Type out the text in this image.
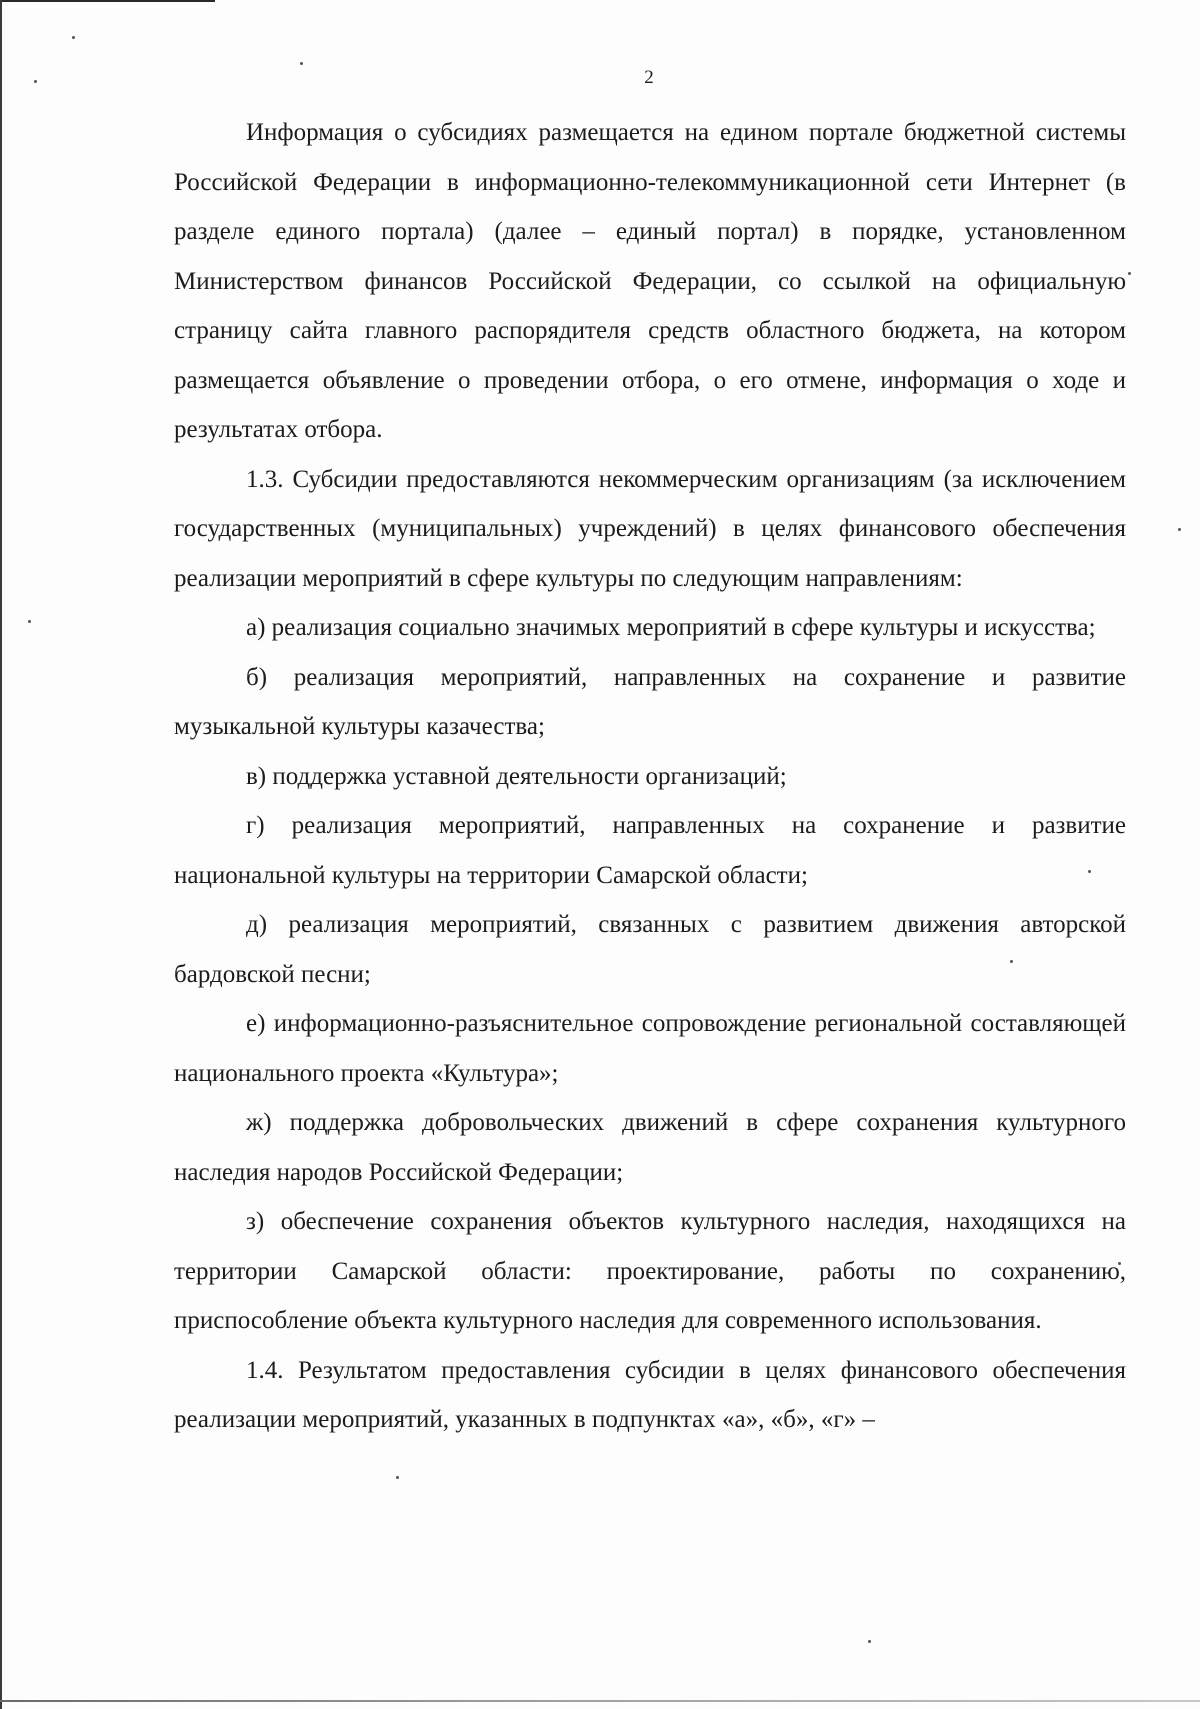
2

Информация о субсидиях размещается на едином портале бюджетной системы Российской Федерации в информационно-телекоммуникационной сети Интернет (в разделе единого портала) (далее – единый портал) в порядке, установленном Министерством финансов Российской Федерации, со ссылкой на официальную страницу сайта главного распорядителя средств областного бюджета, на котором размещается объявление о проведении отбора, о его отмене, информация о ходе и результатах отбора.

1.3. Субсидии предоставляются некоммерческим организациям (за исключением государственных (муниципальных) учреждений) в целях финансового обеспечения реализации мероприятий в сфере культуры по следующим направлениям:

а) реализация социально значимых мероприятий в сфере культуры и искусства;

б) реализация мероприятий, направленных на сохранение и развитие музыкальной культуры казачества;

в) поддержка уставной деятельности организаций;

г) реализация мероприятий, направленных на сохранение и развитие национальной культуры на территории Самарской области;

д) реализация мероприятий, связанных с развитием движения авторской бардовской песни;

е) информационно-разъяснительное сопровождение региональной составляющей национального проекта «Культура»;

ж) поддержка добровольческих движений в сфере сохранения культурного наследия народов Российской Федерации;

з) обеспечение сохранения объектов культурного наследия, находящихся на территории Самарской области: проектирование, работы по сохранению, приспособление объекта культурного наследия для современного использования.

1.4. Результатом предоставления субсидии в целях финансового обеспечения реализации мероприятий, указанных в подпунктах «а», «б», «г» –
